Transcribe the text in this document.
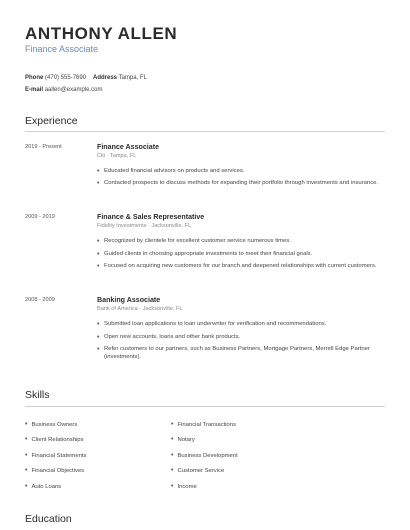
ANTHONY ALLEN
Finance Associate
Phone (470) 555-7690 Address Tampa, FL
E-mail aallen@example.com
Experience
2019 - Present	Finance Associate
Citi · Tampa, FL
• Educated financial advisors on products and services.
• Contacted prospects to discuss methods for expanding their portfolio through investments and insurance.
2009 - 2019	Finance & Sales Representative
Fidelity Investments · Jacksonville, FL
• Recognized by clientele for excellent customer service numerous times.
• Guided clients in choosing appropriate investments to meet their financial goals.
• Focused on acquiring new customers for our branch and deepened relationships with current customers.
2008 - 2009	Banking Associate
Bank of America · Jacksonville, FL
• Submitted loan applications to loan underwriter for verification and recommendations.
• Open new accounts, loans and other bank products.
• Refer customers to our partners, such as Business Partners, Mortgage Partners, Merrell Edge Partner (investments).
Skills
• Business Owners
• Client Relationships
• Financial Statements
• Financial Objectives
• Auto Loans
• Financial Transactions
• Notary
• Business Development
• Customer Service
• Income
Education
